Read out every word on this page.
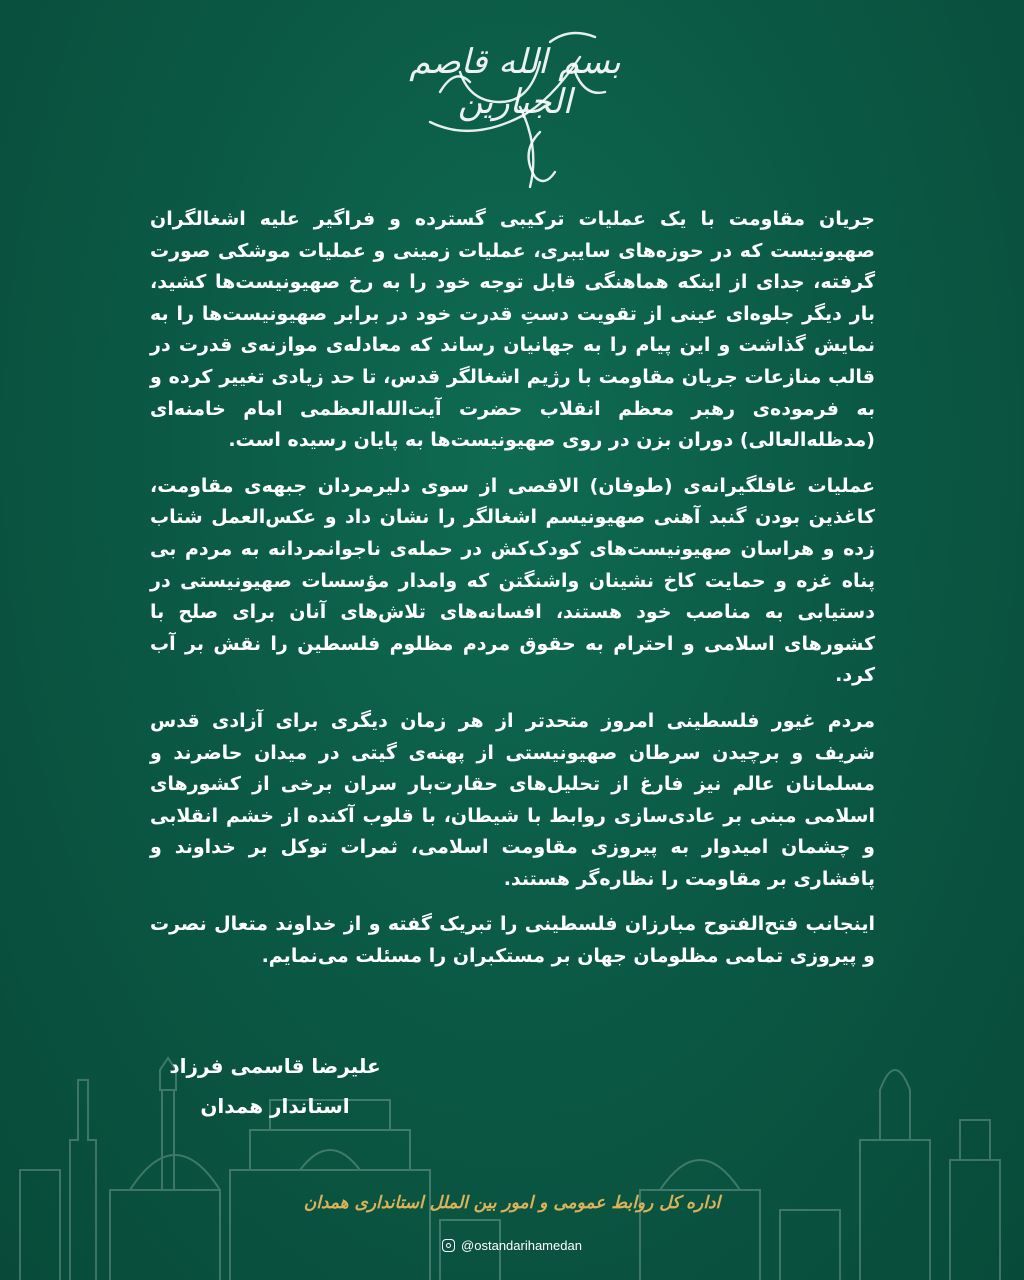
بسم الله قاصم الجبارین

جریان مقاومت با یک عملیات ترکیبی گسترده و فراگیر علیه اشغالگران صهیونیست که در حوزه‌های سایبری، عملیات زمینی و عملیات موشکی صورت گرفته، جدای از اینکه هماهنگی قابل توجه خود را به رخ صهیونیست‌ها کشید، بار دیگر جلوه‌ای عینی از تقویت دستِ قدرت خود در برابر صهیونیست‌ها را به نمایش گذاشت و این پیام را به جهانیان رساند که معادله‌ی موازنه‌ی قدرت در قالب منازعات جریان مقاومت با رژیم اشغالگر قدس، تا حد زیادی تغییر کرده و به فرموده‌ی رهبر معظم انقلاب حضرت آیت‌الله‌العظمی امام خامنه‌ای (مدظله‌العالی) دوران بزن در روی صهیونیست‌ها به پایان رسیده است.

عملیات غافلگیرانه‌ی (طوفان) الاقصی از سوی دلیرمردان جبهه‌ی مقاومت، کاغذین بودن گنبد آهنی صهیونیسم اشغالگر را نشان داد و عکس‌العمل شتاب زده و هراسان صهیونیست‌های کودک‌کش در حمله‌ی ناجوانمردانه به مردم بی پناه غزه و حمایت کاخ نشینان واشنگتن که وامدار مؤسسات صهیونیستی در دستیابی به مناصب خود هستند، افسانه‌های تلاش‌های آنان برای صلح با کشورهای اسلامی و احترام به حقوق مردم مظلوم فلسطین را نقش بر آب کرد.

مردم غیور فلسطینی امروز متحدتر از هر زمان دیگری برای آزادی قدس شریف و برچیدن سرطان صهیونیستی از پهنه‌ی گیتی در میدان حاضرند و مسلمانان عالم نیز فارغ از تحلیل‌های حقارت‌بار سران برخی از کشورهای اسلامی مبنی بر عادی‌سازی روابط با شیطان، با قلوب آکنده از خشم انقلابی و چشمان امیدوار به پیروزی مقاومت اسلامی، ثمرات توکل بر خداوند و پافشاری بر مقاومت را نظاره‌گر هستند.

اینجانب فتح‌الفتوح مبارزان فلسطینی را تبریک گفته و از خداوند متعال نصرت و پیروزی تمامی مظلومان جهان بر مستکبران را مسئلت می‌نمایم.

علیرضا قاسمی فرزاد
استاندار همدان
اداره کل روابط عمومی و امور بین الملل استانداری همدان
@ostandarihamedan
